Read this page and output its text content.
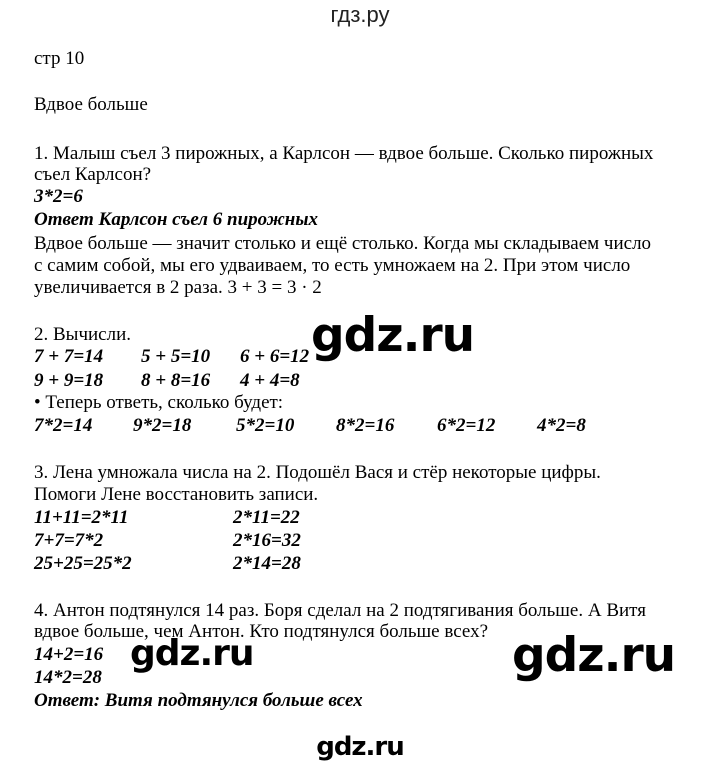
гдз.ру
стр 10
Вдвое больше
1. Малыш съел 3 пирожных, а Карлсон — вдвое больше. Сколько пирожных
съел Карлсон?
3*2=6
Ответ Карлсон съел 6 пирожных
Вдвое больше — значит столько и ещё столько. Когда мы складываем число
с самим собой, мы его удваиваем, то есть умножаем на 2. При этом число
увеличивается в 2 раза. 3 + 3 = 3 · 2
2. Вычисли.
7 + 7=14 5 + 5=10 6 + 6=12
9 + 9=18 8 + 8=16 4 + 4=8
• Теперь ответь, сколько будет:
7*2=14 9*2=18 5*2=10 8*2=16 6*2=12 4*2=8
3. Лена умножала числа на 2. Подошёл Вася и стёр некоторые цифры.
Помоги Лене восстановить записи.
11+11=2*11	2*11=22
7+7=7*2	2*16=32
25+25=25*2	2*14=28
4. Антон подтянулся 14 раз. Боря сделал на 2 подтягивания больше. А Витя
вдвое больше, чем Антон. Кто подтянулся больше всех?
14+2=16
14*2=28
Ответ: Витя подтянулся больше всех
gdz.ru
gdz.ru	gdz.ru
gdz.ru
